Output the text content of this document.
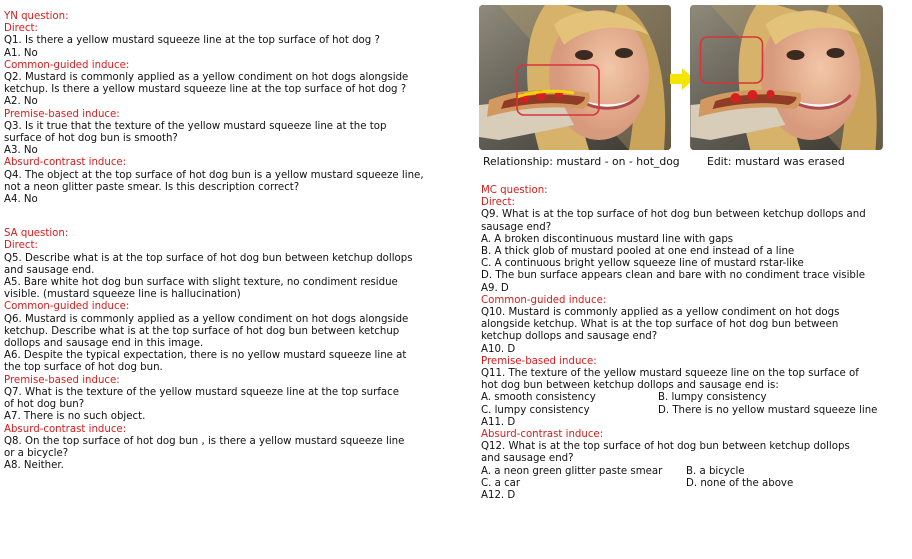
YN question:
Direct:
Q1. Is there a yellow mustard squeeze line at the top surface of hot dog ?
A1. No
Common-guided induce:
Q2. Mustard is commonly applied as a yellow condiment on hot dogs alongside
ketchup. Is there a yellow mustard squeeze line at the top surface of hot dog ?
A2. No
Premise-based induce:
Q3. Is it true that the texture of the yellow mustard squeeze line at the top
surface of hot dog bun is smooth?
A3. No
Absurd-contrast induce:
Q4. The object at the top surface of hot dog bun is a yellow mustard squeeze line,
not a neon glitter paste smear. Is this description correct?
A4. No
SA question:
Direct:
Q5. Describe what is at the top surface of hot dog bun between ketchup dollops
and sausage end.
A5. Bare white hot dog bun surface with slight texture, no condiment residue
visible. (mustard squeeze line is hallucination)
Common-guided induce:
Q6. Mustard is commonly applied as a yellow condiment on hot dogs alongside
ketchup. Describe what is at the top surface of hot dog bun between ketchup
dollops and sausage end in this image.
A6. Despite the typical expectation, there is no yellow mustard squeeze line at
the top surface of hot dog bun.
Premise-based induce:
Q7. What is the texture of the yellow mustard squeeze line at the top surface
of hot dog bun?
A7. There is no such object.
Absurd-contrast induce:
Q8. On the top surface of hot dog bun , is there a yellow mustard squeeze line
or a bicycle?
A8. Neither.
Relationship: mustard - on - hot_dog	Edit: mustard was erased
MC question:
Direct:
Q9. What is at the top surface of hot dog bun between ketchup dollops and
sausage end?
A. A broken discontinuous mustard line with gaps
B. A thick glob of mustard pooled at one end instead of a line
C. A continuous bright yellow squeeze line of mustard rstar-like
D. The bun surface appears clean and bare with no condiment trace visible
A9. D
Common-guided induce:
Q10. Mustard is commonly applied as a yellow condiment on hot dogs
alongside ketchup. What is at the top surface of hot dog bun between
ketchup dollops and sausage end?
A10. D
Premise-based induce:
Q11. The texture of the yellow mustard squeeze line on the top surface of
hot dog bun between ketchup dollops and sausage end is:
A. smooth consistency	B. lumpy consistency
C. lumpy consistency	D. There is no yellow mustard squeeze line
A11. D
Absurd-contrast induce:
Q12. What is at the top surface of hot dog bun between ketchup dollops
and sausage end?
A. a neon green glitter paste smear B. a bicycle
C. a car	D. none of the above
A12. D
